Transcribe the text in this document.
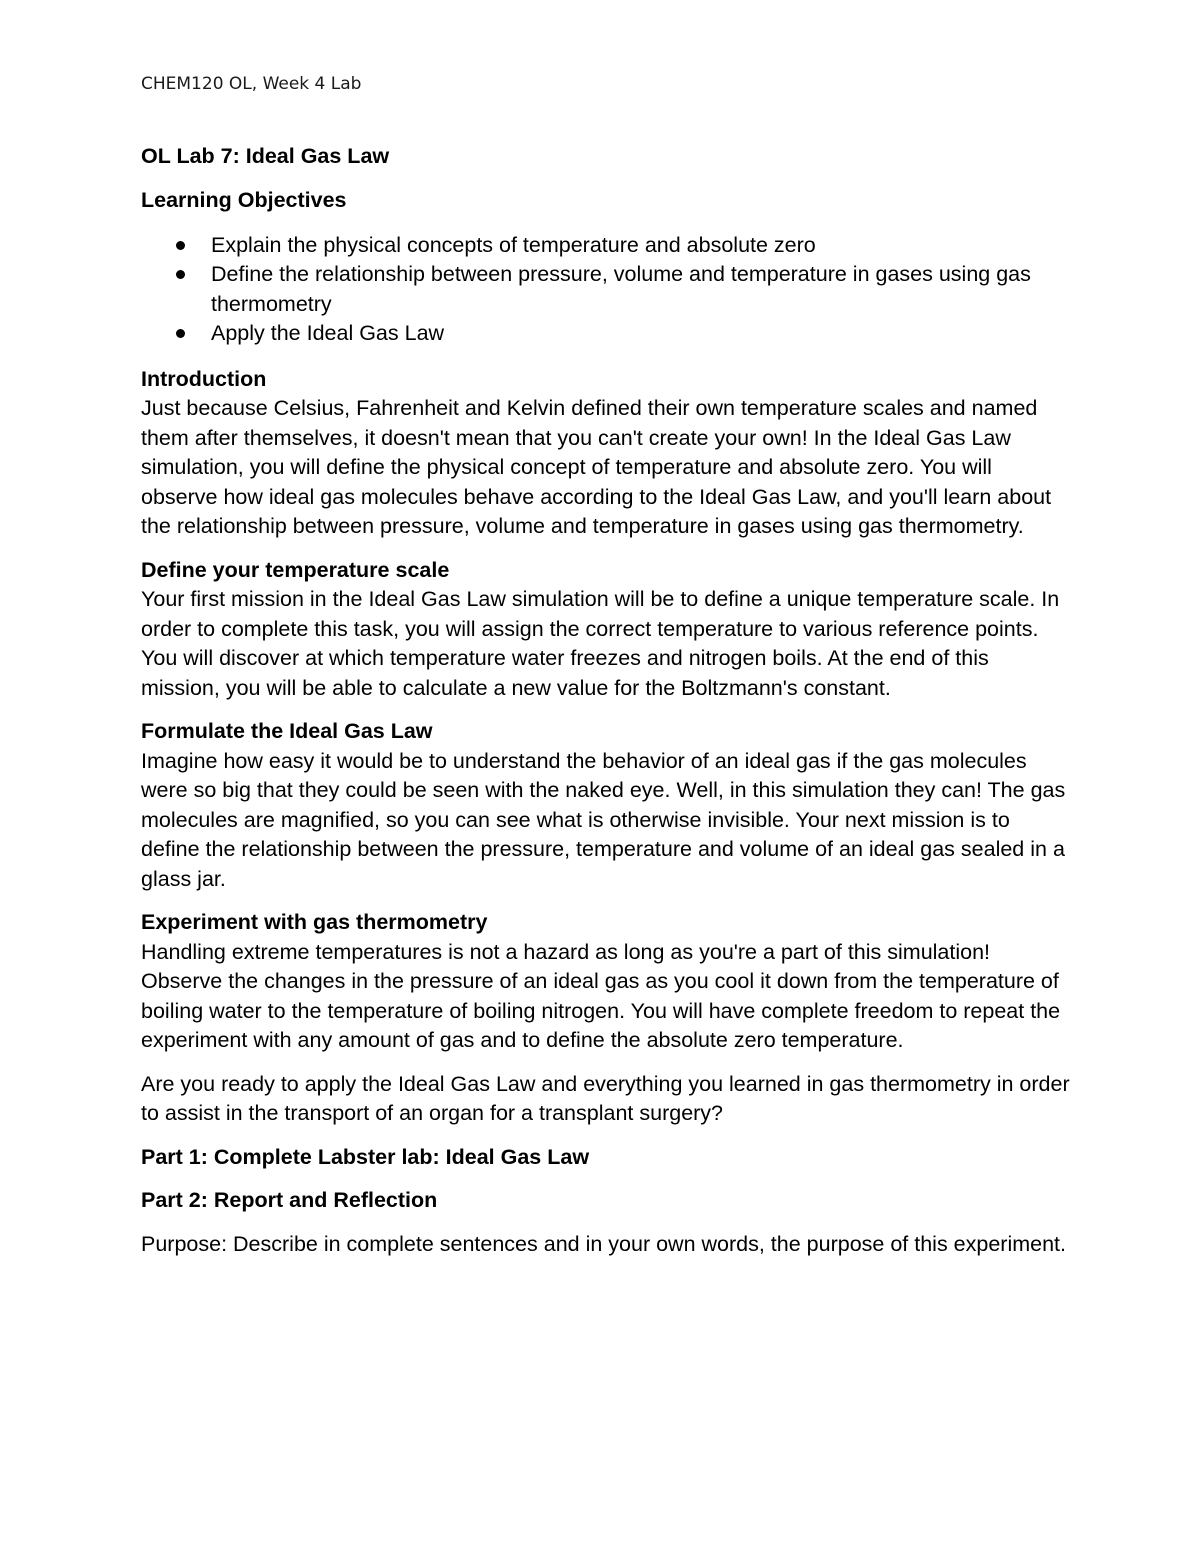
CHEM120 OL, Week 4 Lab
OL Lab 7: Ideal Gas Law
Learning Objectives
Explain the physical concepts of temperature and absolute zero
Define the relationship between pressure, volume and temperature in gases using gas thermometry
Apply the Ideal Gas Law
Introduction
Just because Celsius, Fahrenheit and Kelvin defined their own temperature scales and named them after themselves, it doesn't mean that you can't create your own! In the Ideal Gas Law simulation, you will define the physical concept of temperature and absolute zero. You will observe how ideal gas molecules behave according to the Ideal Gas Law, and you'll learn about the relationship between pressure, volume and temperature in gases using gas thermometry.
Define your temperature scale
Your first mission in the Ideal Gas Law simulation will be to define a unique temperature scale. In order to complete this task, you will assign the correct temperature to various reference points. You will discover at which temperature water freezes and nitrogen boils. At the end of this mission, you will be able to calculate a new value for the Boltzmann's constant.
Formulate the Ideal Gas Law
Imagine how easy it would be to understand the behavior of an ideal gas if the gas molecules were so big that they could be seen with the naked eye. Well, in this simulation they can! The gas molecules are magnified, so you can see what is otherwise invisible. Your next mission is to define the relationship between the pressure, temperature and volume of an ideal gas sealed in a glass jar.
Experiment with gas thermometry
Handling extreme temperatures is not a hazard as long as you're a part of this simulation! Observe the changes in the pressure of an ideal gas as you cool it down from the temperature of boiling water to the temperature of boiling nitrogen. You will have complete freedom to repeat the experiment with any amount of gas and to define the absolute zero temperature.
Are you ready to apply the Ideal Gas Law and everything you learned in gas thermometry in order to assist in the transport of an organ for a transplant surgery?
Part 1: Complete Labster lab: Ideal Gas Law
Part 2: Report and Reflection
Purpose: Describe in complete sentences and in your own words, the purpose of this experiment.
